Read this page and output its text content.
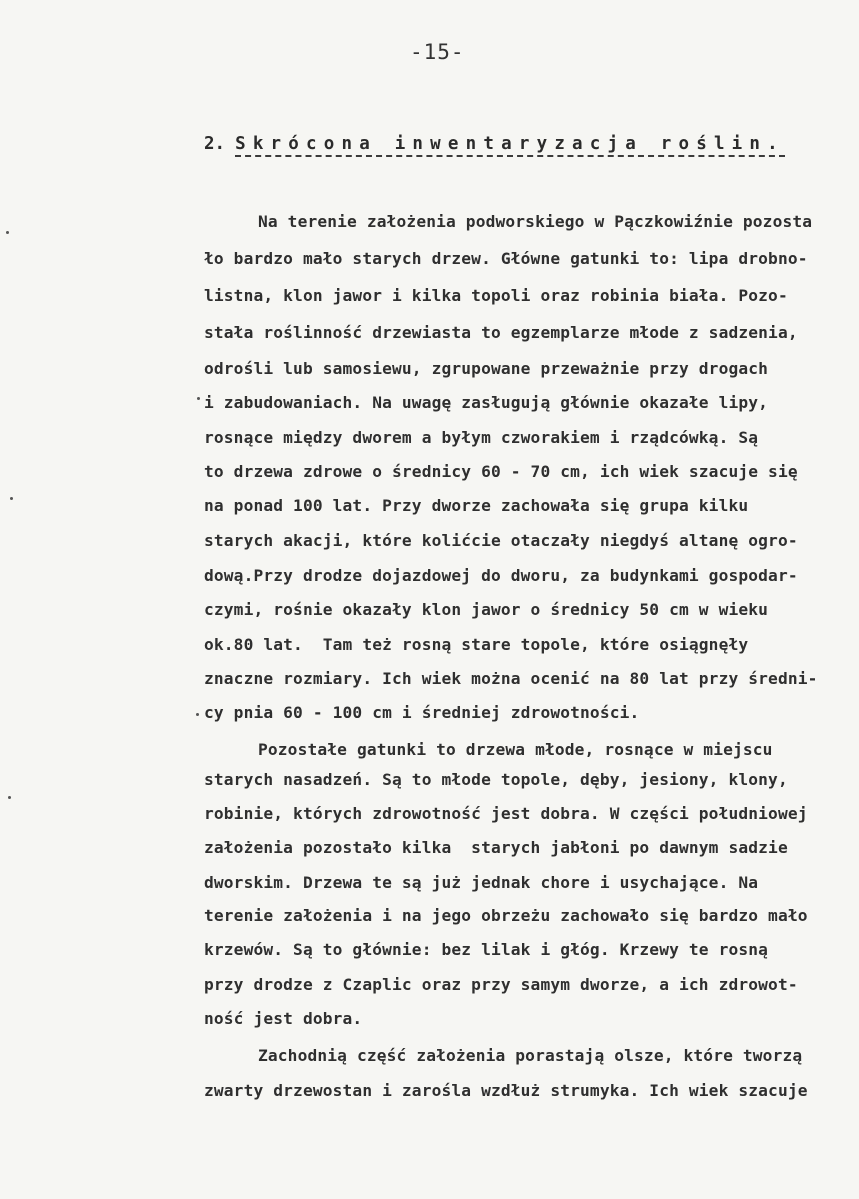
-15-
2. Skrócona inwentaryzacja roślin.
Na terenie założenia podworskiego w Pączkowiźnie pozosta
ło bardzo mało starych drzew. Główne gatunki to: lipa drobno-
listna, klon jawor i kilka topoli oraz robinia biała. Pozo-
stała roślinność drzewiasta to egzemplarze młode z sadzenia,
odrośli lub samosiewu, zgrupowane przeważnie przy drogach
i zabudowaniach. Na uwagę zasługują głównie okazałe lipy,
rosnące między dworem a byłym czworakiem i rządcówką. Są
to drzewa zdrowe o średnicy 60 - 70 cm, ich wiek szacuje się
na ponad 100 lat. Przy dworze zachowała się grupa kilku
starych akacji, które kolićcie otaczały niegdyś altanę ogro-
dową.Przy drodze dojazdowej do dworu, za budynkami gospodar-
czymi, rośnie okazały klon jawor o średnicy 50 cm w wieku
ok.80 lat.  Tam też rosną stare topole, które osiągnęły
znaczne rozmiary. Ich wiek można ocenić na 80 lat przy średni-
cy pnia 60 - 100 cm i średniej zdrowotności.
Pozostałe gatunki to drzewa młode, rosnące w miejscu
starych nasadzeń. Są to młode topole, dęby, jesiony, klony,
robinie, których zdrowotność jest dobra. W części południowej
założenia pozostało kilka  starych jabłoni po dawnym sadzie
dworskim. Drzewa te są już jednak chore i usychające. Na
terenie założenia i na jego obrzeżu zachowało się bardzo mało
krzewów. Są to głównie: bez lilak i głóg. Krzewy te rosną
przy drodze z Czaplic oraz przy samym dworze, a ich zdrowot-
ność jest dobra.
Zachodnią część założenia porastają olsze, które tworzą
zwarty drzewostan i zarośla wzdłuż strumyka. Ich wiek szacuje
